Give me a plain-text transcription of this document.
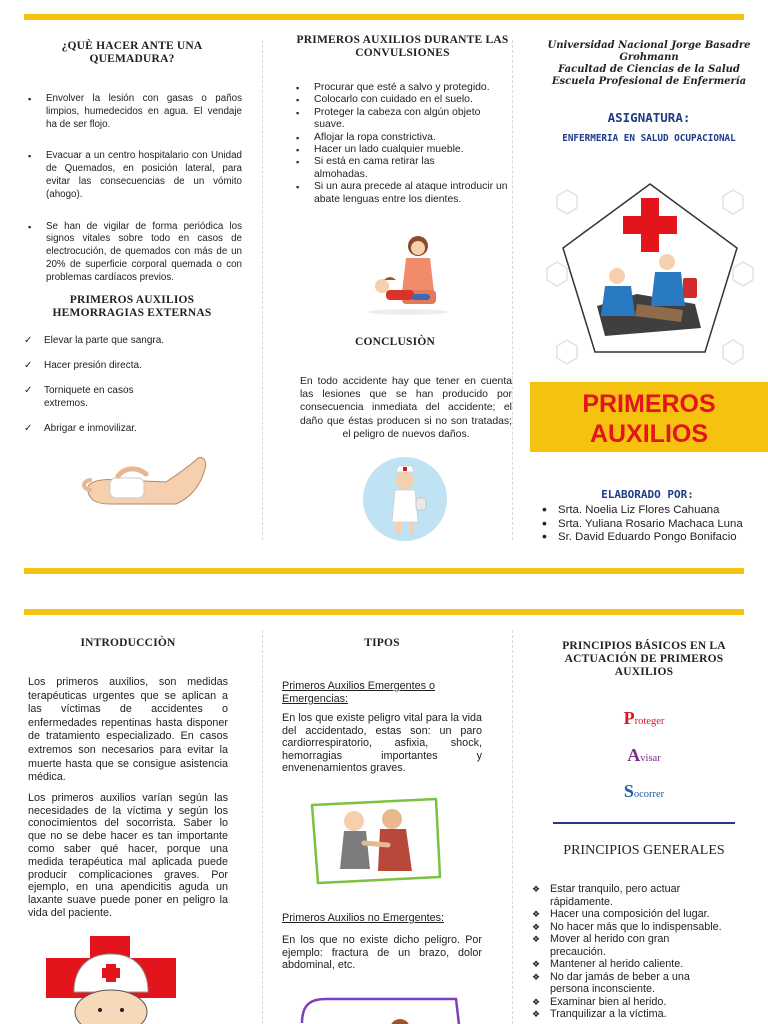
¿QUÈ HACER ANTE UNA QUEMADURA?
▪ Envolver la lesión con gasas o paños limpios, humedecidos en agua. El vendaje ha de ser flojo.
▪ Evacuar a un centro hospitalario con Unidad de Quemados, en posición lateral, para evitar las consecuencias de un vómito (ahogo).
▪ Se han de vigilar de forma periódica los signos vitales sobre todo en casos de electrocución, de quemados con más de un 20% de superficie corporal quemada o con problemas cardíacos previos.
PRIMEROS AUXILIOS HEMORRAGIAS EXTERNAS
✓ Elevar la parte que sangra.
✓ Hacer presión directa.
✓ Torniquete en casos extremos.
✓ Abrigar e inmovilizar.
PRIMEROS AUXILIOS DURANTE LAS CONVULSIONES
▪ Procurar que esté a salvo y protegido.
▪ Colocarlo con cuidado en el suelo.
▪ Proteger la cabeza con algún objeto suave.
▪ Aflojar la ropa constrictiva.
▪ Hacer un lado cualquier mueble.
▪ Si está en cama retirar las almohadas.
▪ Si un aura precede al ataque introducir un abate lenguas entre los dientes.
CONCLUSIÒN
En todo accidente hay que tener en cuenta las lesiones que se han producido por consecuencia inmediata del accidente; el daño que éstas producen si no son tratadas; el peligro de nuevos daños.
Universidad Nacional Jorge Basadre Grohmann
Facultad de Ciencias de la Salud
Escuela Profesional de Enfermería
ASIGNATURA:
ENFERMERIA EN SALUD OCUPACIONAL
PRIMEROS
AUXILIOS
ELABORADO POR:
• Srta. Noelia Liz Flores Cahuana
• Srta. Yuliana Rosario Machaca Luna
• Sr. David Eduardo Pongo Bonifacio
INTRODUCCIÒN
Los primeros auxilios, son medidas terapéuticas urgentes que se aplican a las víctimas de accidentes o enfermedades repentinas hasta disponer de tratamiento especializado. En casos extremos son necesarios para evitar la muerte hasta que se consigue asistencia médica.
Los primeros auxilios varían según las necesidades de la víctima y según los conocimientos del socorrista. Saber lo que no se debe hacer es tan importante como saber qué hacer, porque una medida terapéutica mal aplicada puede producir complicaciones graves. Por ejemplo, en una apendicitis aguda un laxante suave puede poner en peligro la vida del paciente.
TIPOS
Primeros Auxilios Emergentes o Emergencias:
En los que existe peligro vital para la vida del accidentado, estas son: un paro cardiorrespiratorio, asfixia, shock, hemorragias importantes y envenenamientos graves.
Primeros Auxilios no Emergentes:
En los que no existe dicho peligro. Por ejemplo: fractura de un brazo, dolor abdominal, etc.
PRINCIPIOS BÁSICOS EN LA ACTUACIÓN DE PRIMEROS AUXILIOS
Proteger
Avisar
Socorrer
PRINCIPIOS GENERALES
❖ Estar tranquilo, pero actuar rápidamente.
❖ Hacer una composición del lugar.
❖ No hacer más que lo indispensable.
❖ Mover al herido con gran precaución.
❖ Mantener al herido caliente.
❖ No dar jamás de beber a una persona inconsciente.
❖ Examinar bien al herido.
❖ Tranquilizar a la víctima.
